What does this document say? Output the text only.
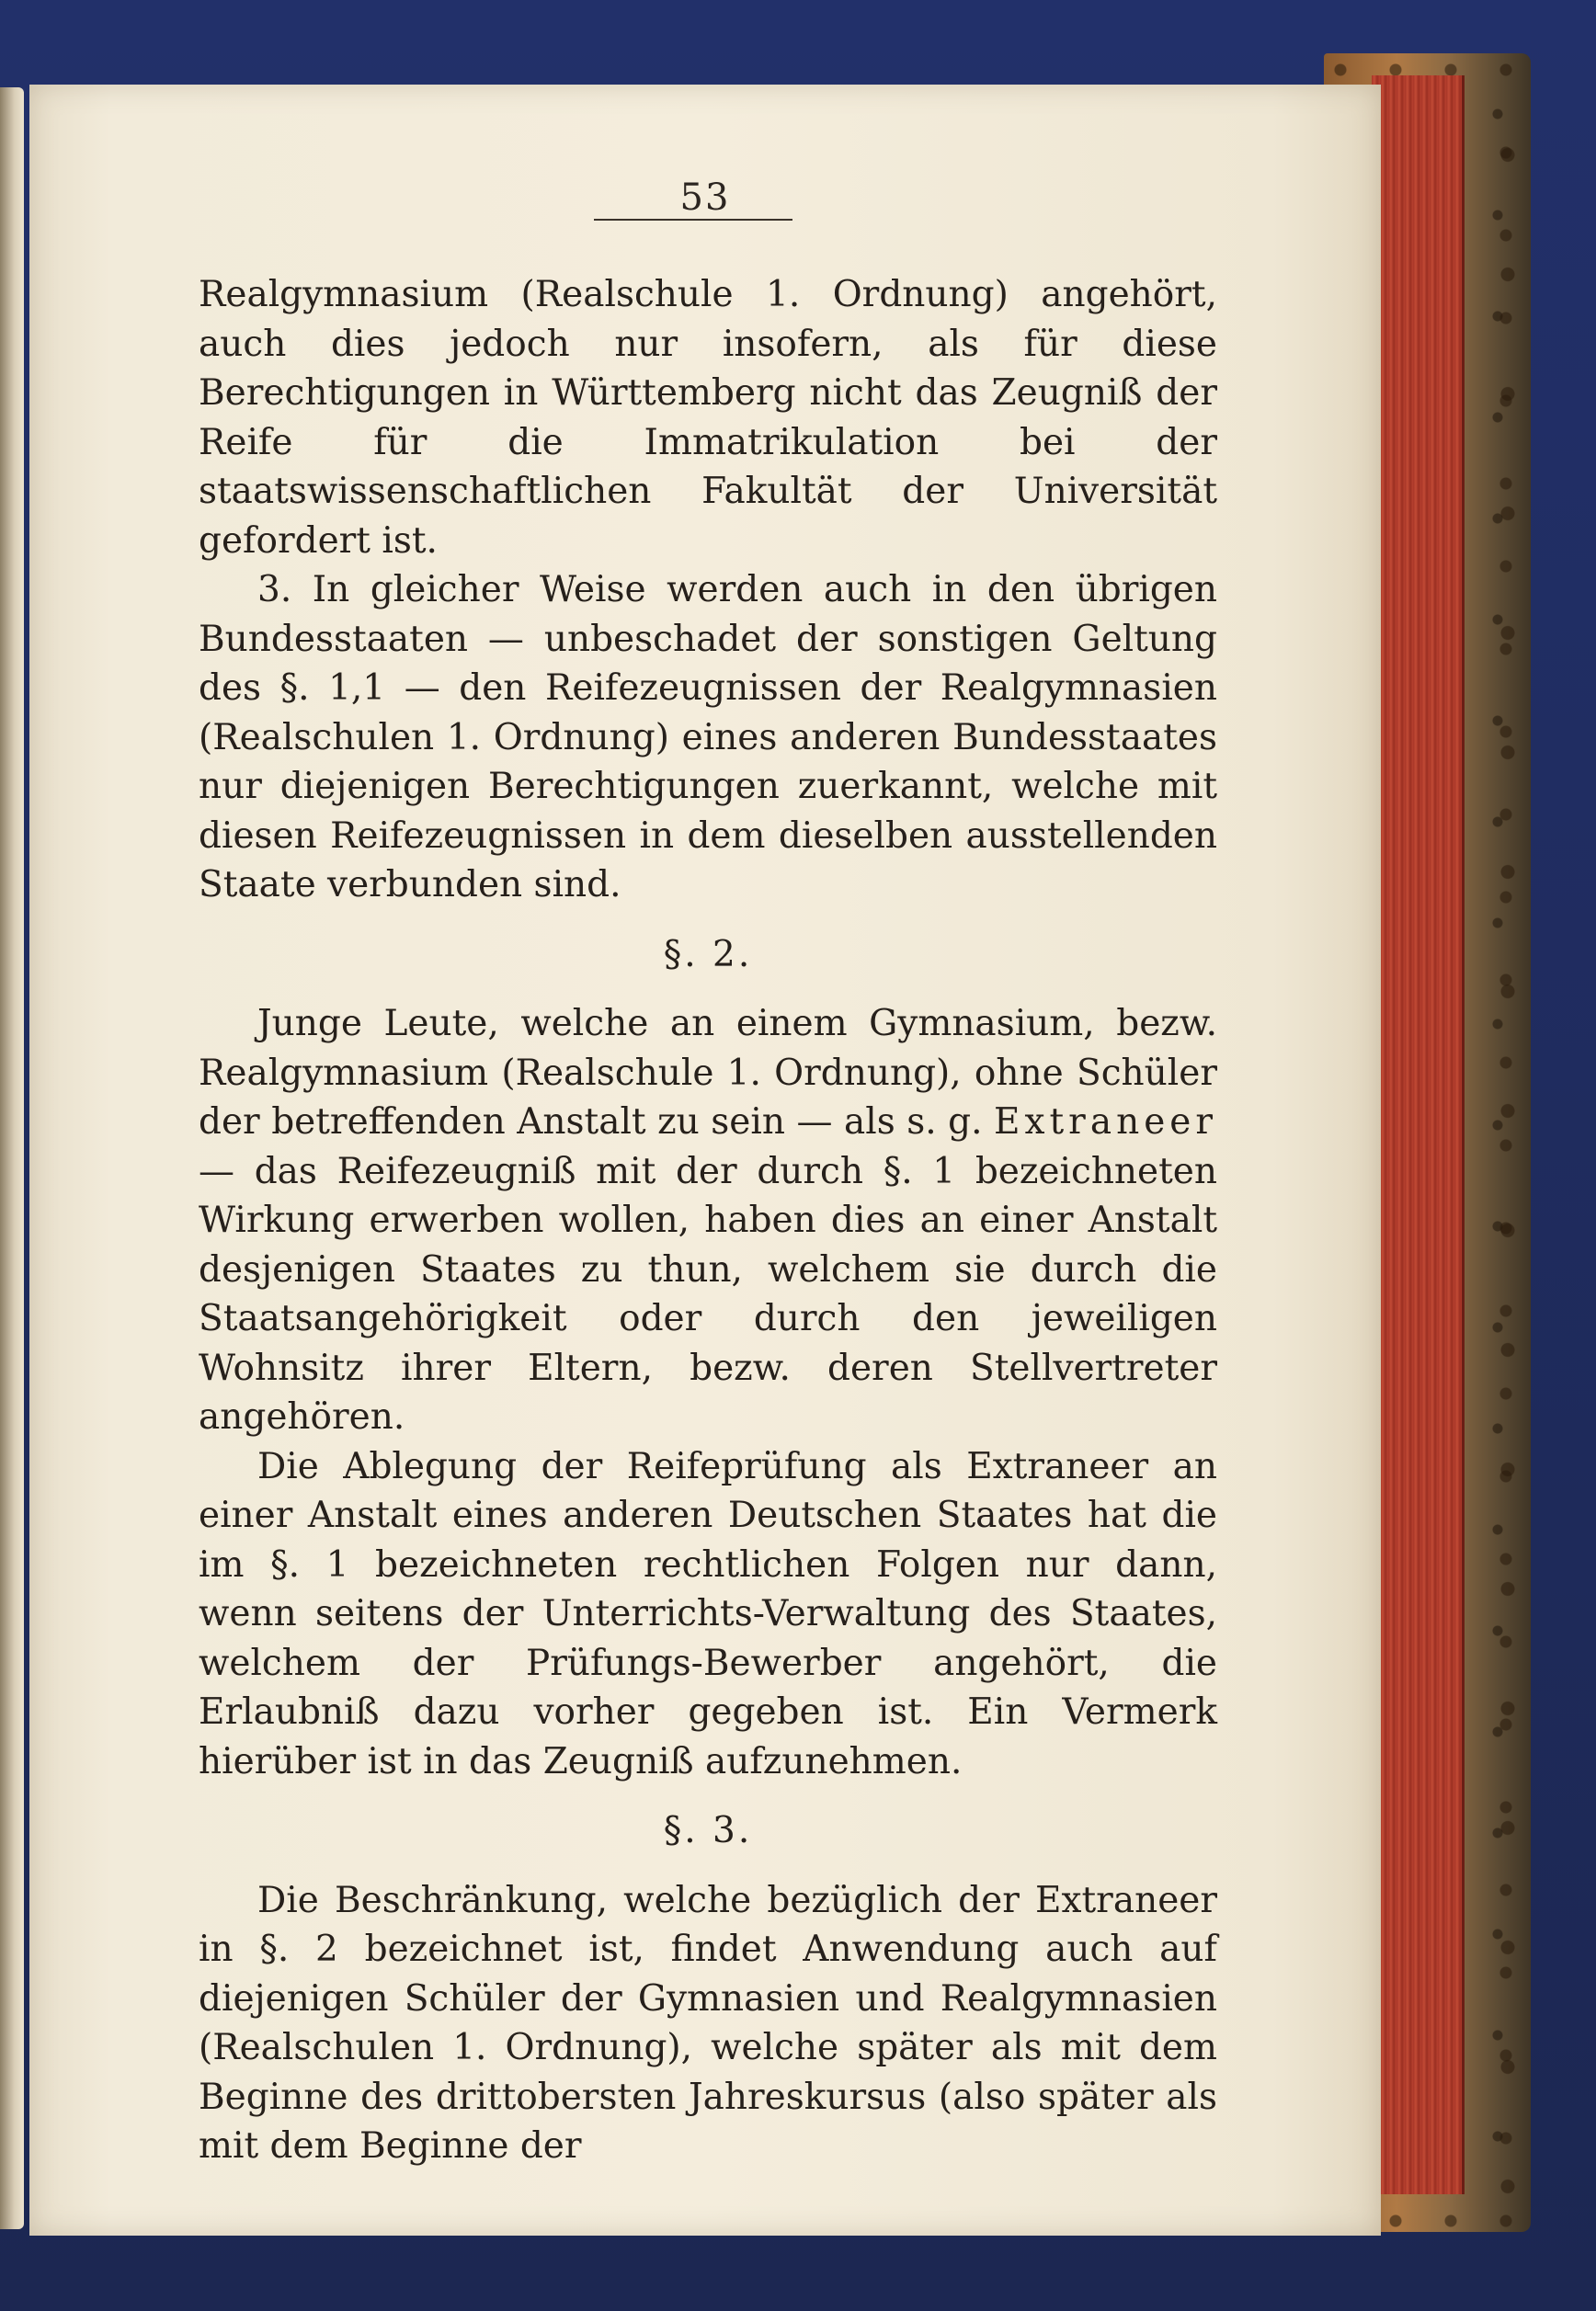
53

Realgymnasium (Realschule 1. Ordnung) angehört, auch dies jedoch nur insofern, als für diese Berechtigungen in Württemberg nicht das Zeugniß der Reife für die Immatrikulation bei der staatswissenschaftlichen Fakultät der Universität gefordert ist.

3. In gleicher Weise werden auch in den übrigen Bundesstaaten — unbeschadet der sonstigen Geltung des §. 1,1 — den Reifezeugnissen der Realgymnasien (Realschulen 1. Ordnung) eines anderen Bundesstaates nur diejenigen Berechtigungen zuerkannt, welche mit diesen Reifezeugnissen in dem dieselben ausstellenden Staate verbunden sind.

§. 2.

Junge Leute, welche an einem Gymnasium, bezw. Realgymnasium (Realschule 1. Ordnung), ohne Schüler der betreffenden Anstalt zu sein — als s. g. Extraneer — das Reifezeugniß mit der durch §. 1 bezeichneten Wirkung erwerben wollen, haben dies an einer Anstalt desjenigen Staates zu thun, welchem sie durch die Staatsangehörigkeit oder durch den jeweiligen Wohnsitz ihrer Eltern, bezw. deren Stellvertreter angehören.

Die Ablegung der Reifeprüfung als Extraneer an einer Anstalt eines anderen Deutschen Staates hat die im §. 1 bezeichneten rechtlichen Folgen nur dann, wenn seitens der Unterrichts-Verwaltung des Staates, welchem der Prüfungs-Bewerber angehört, die Erlaubniß dazu vorher gegeben ist. Ein Vermerk hierüber ist in das Zeugniß aufzunehmen.

§. 3.

Die Beschränkung, welche bezüglich der Extraneer in §. 2 bezeichnet ist, findet Anwendung auch auf diejenigen Schüler der Gymnasien und Realgymnasien (Realschulen 1. Ordnung), welche später als mit dem Beginne des drittobersten Jahreskursus (also später als mit dem Beginne der
